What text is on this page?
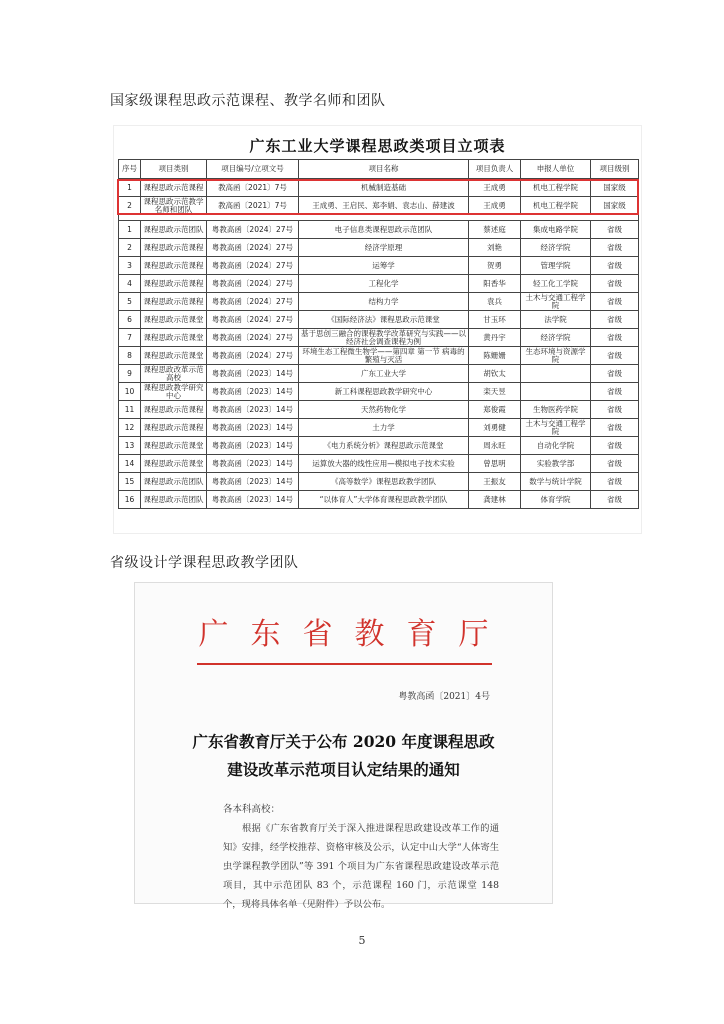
国家级课程思政示范课程、教学名师和团队
广东工业大学课程思政类项目立项表
序号	项目类别	项目编号/立项文号	项目名称	项目负责人	申报人单位	项目级别
1	课程思政示范课程	教高函〔2021〕7号	机械制造基础	王成勇	机电工程学院	国家级
2	课程思政示范教学名师和团队	教高函〔2021〕7号	王成勇、王启民、郑李娟、袁志山、薛建波	王成勇	机电工程学院	国家级

1	课程思政示范团队	粤教高函〔2024〕27号	电子信息类课程思政示范团队	蔡述庭	集成电路学院	省级
2	课程思政示范课程	粤教高函〔2024〕27号	经济学原理	刘艳	经济学院	省级
3	课程思政示范课程	粤教高函〔2024〕27号	运筹学	贺勇	管理学院	省级
4	课程思政示范课程	粤教高函〔2024〕27号	工程化学	阳香华	轻工化工学院	省级
5	课程思政示范课程	粤教高函〔2024〕27号	结构力学	袁兵	土木与交通工程学院	省级
6	课程思政示范课堂	粤教高函〔2024〕27号	《国际经济法》课程思政示范课堂	甘玉环	法学院	省级
7	课程思政示范课堂	粤教高函〔2024〕27号	基于思创三融合的课程教学改革研究与实践——以经济社会调查课程为例	黄丹宇	经济学院	省级
8	课程思政示范课堂	粤教高函〔2024〕27号	环境生态工程微生物学——第四章 第一节 病毒的繁殖与灭活	陈姗姗	生态环境与资源学院	省级
9	课程思政改革示范高校	粤教高函〔2023〕14号	广东工业大学	胡钦太		省级
10	课程思政教学研究中心	粤教高函〔2023〕14号	新工科课程思政教学研究中心	栾天昱		省级
11	课程思政示范课程	粤教高函〔2023〕14号	天然药物化学	郑俊霞	生物医药学院	省级
12	课程思政示范课程	粤教高函〔2023〕14号	土力学	刘勇健	土木与交通工程学院	省级
13	课程思政示范课堂	粤教高函〔2023〕14号	《电力系统分析》课程思政示范课堂	周永旺	自动化学院	省级
14	课程思政示范课堂	粤教高函〔2023〕14号	运算放大器的线性应用—模拟电子技术实验	曾思明	实验教学部	省级
15	课程思政示范团队	粤教高函〔2023〕14号	《高等数学》课程思政教学团队	王振友	数学与统计学院	省级
16	课程思政示范团队	粤教高函〔2023〕14号	“以体育人”大学体育课程思政教学团队	龚建林	体育学院	省级
省级设计学课程思政教学团队
广东省教育厅
粤教高函〔2021〕4号
广东省教育厅关于公布 2020 年度课程思政
建设改革示范项目认定结果的通知
各本科高校：
根据《广东省教育厅关于深入推进课程思政建设改革工作的通知》安排，经学校推荐、资格审核及公示，认定中山大学“人体寄生虫学课程教学团队”等 391 个项目为广东省课程思政建设改革示范项目，其中示范团队 83 个，示范课程 160 门，示范课堂 148 个，现将具体名单（见附件）予以公布。
5
